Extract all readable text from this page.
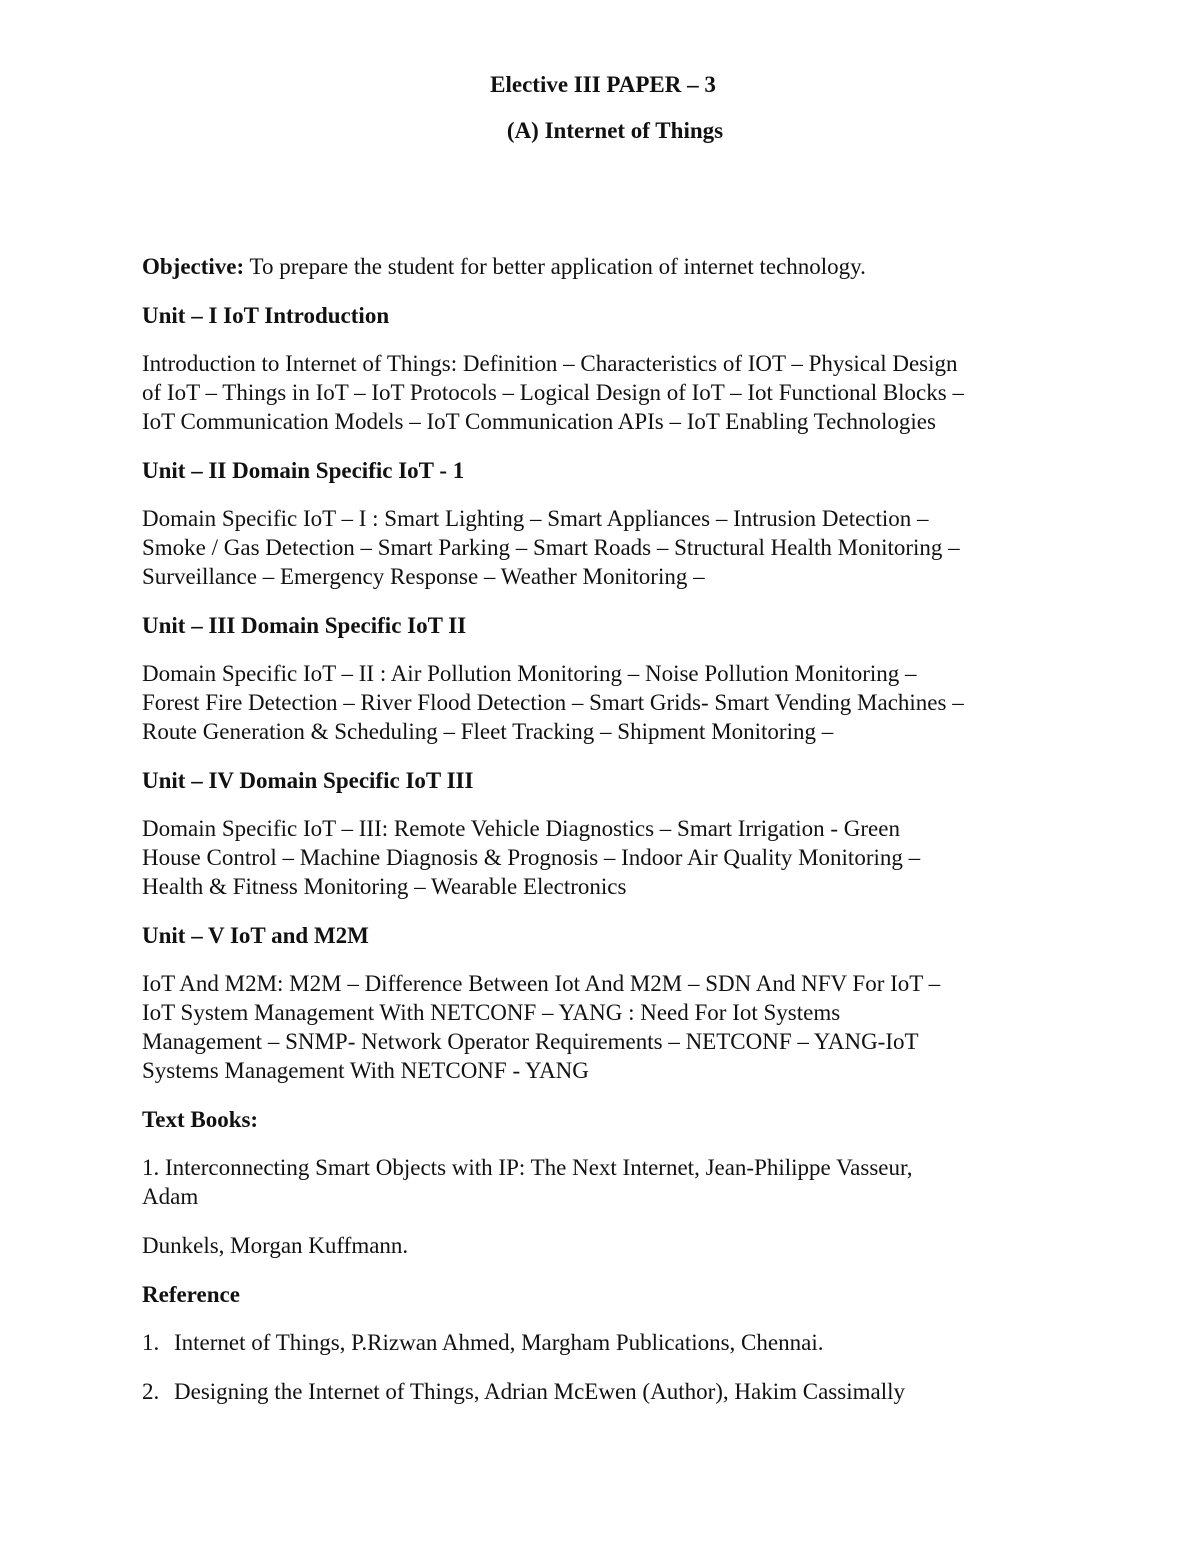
Elective III PAPER – 3
(A) Internet of Things

Objective: To prepare the student for better application of internet technology.

Unit – I IoT Introduction

Introduction to Internet of Things: Definition – Characteristics of IOT – Physical Design
of IoT – Things in IoT – IoT Protocols – Logical Design of IoT – Iot Functional Blocks –
IoT Communication Models – IoT Communication APIs – IoT Enabling Technologies

Unit – II Domain Specific IoT - 1

Domain Specific IoT – I : Smart Lighting – Smart Appliances – Intrusion Detection –
Smoke / Gas Detection – Smart Parking – Smart Roads – Structural Health Monitoring –
Surveillance – Emergency Response – Weather Monitoring –

Unit – III Domain Specific IoT II

Domain Specific IoT – II : Air Pollution Monitoring – Noise Pollution Monitoring –
Forest Fire Detection – River Flood Detection – Smart Grids- Smart Vending Machines –
Route Generation & Scheduling – Fleet Tracking – Shipment Monitoring –

Unit – IV Domain Specific IoT III

Domain Specific IoT – III: Remote Vehicle Diagnostics – Smart Irrigation - Green
House Control – Machine Diagnosis & Prognosis – Indoor Air Quality Monitoring –
Health & Fitness Monitoring – Wearable Electronics

Unit – V IoT and M2M

IoT And M2M: M2M – Difference Between Iot And M2M – SDN And NFV For IoT –
IoT System Management With NETCONF – YANG : Need For Iot Systems
Management – SNMP- Network Operator Requirements – NETCONF – YANG-IoT
Systems Management With NETCONF - YANG

Text Books:

1. Interconnecting Smart Objects with IP: The Next Internet, Jean-Philippe Vasseur,
Adam

Dunkels, Morgan Kuffmann.

Reference

1. Internet of Things, P.Rizwan Ahmed, Margham Publications, Chennai.

2. Designing the Internet of Things, Adrian McEwen (Author), Hakim Cassimally
